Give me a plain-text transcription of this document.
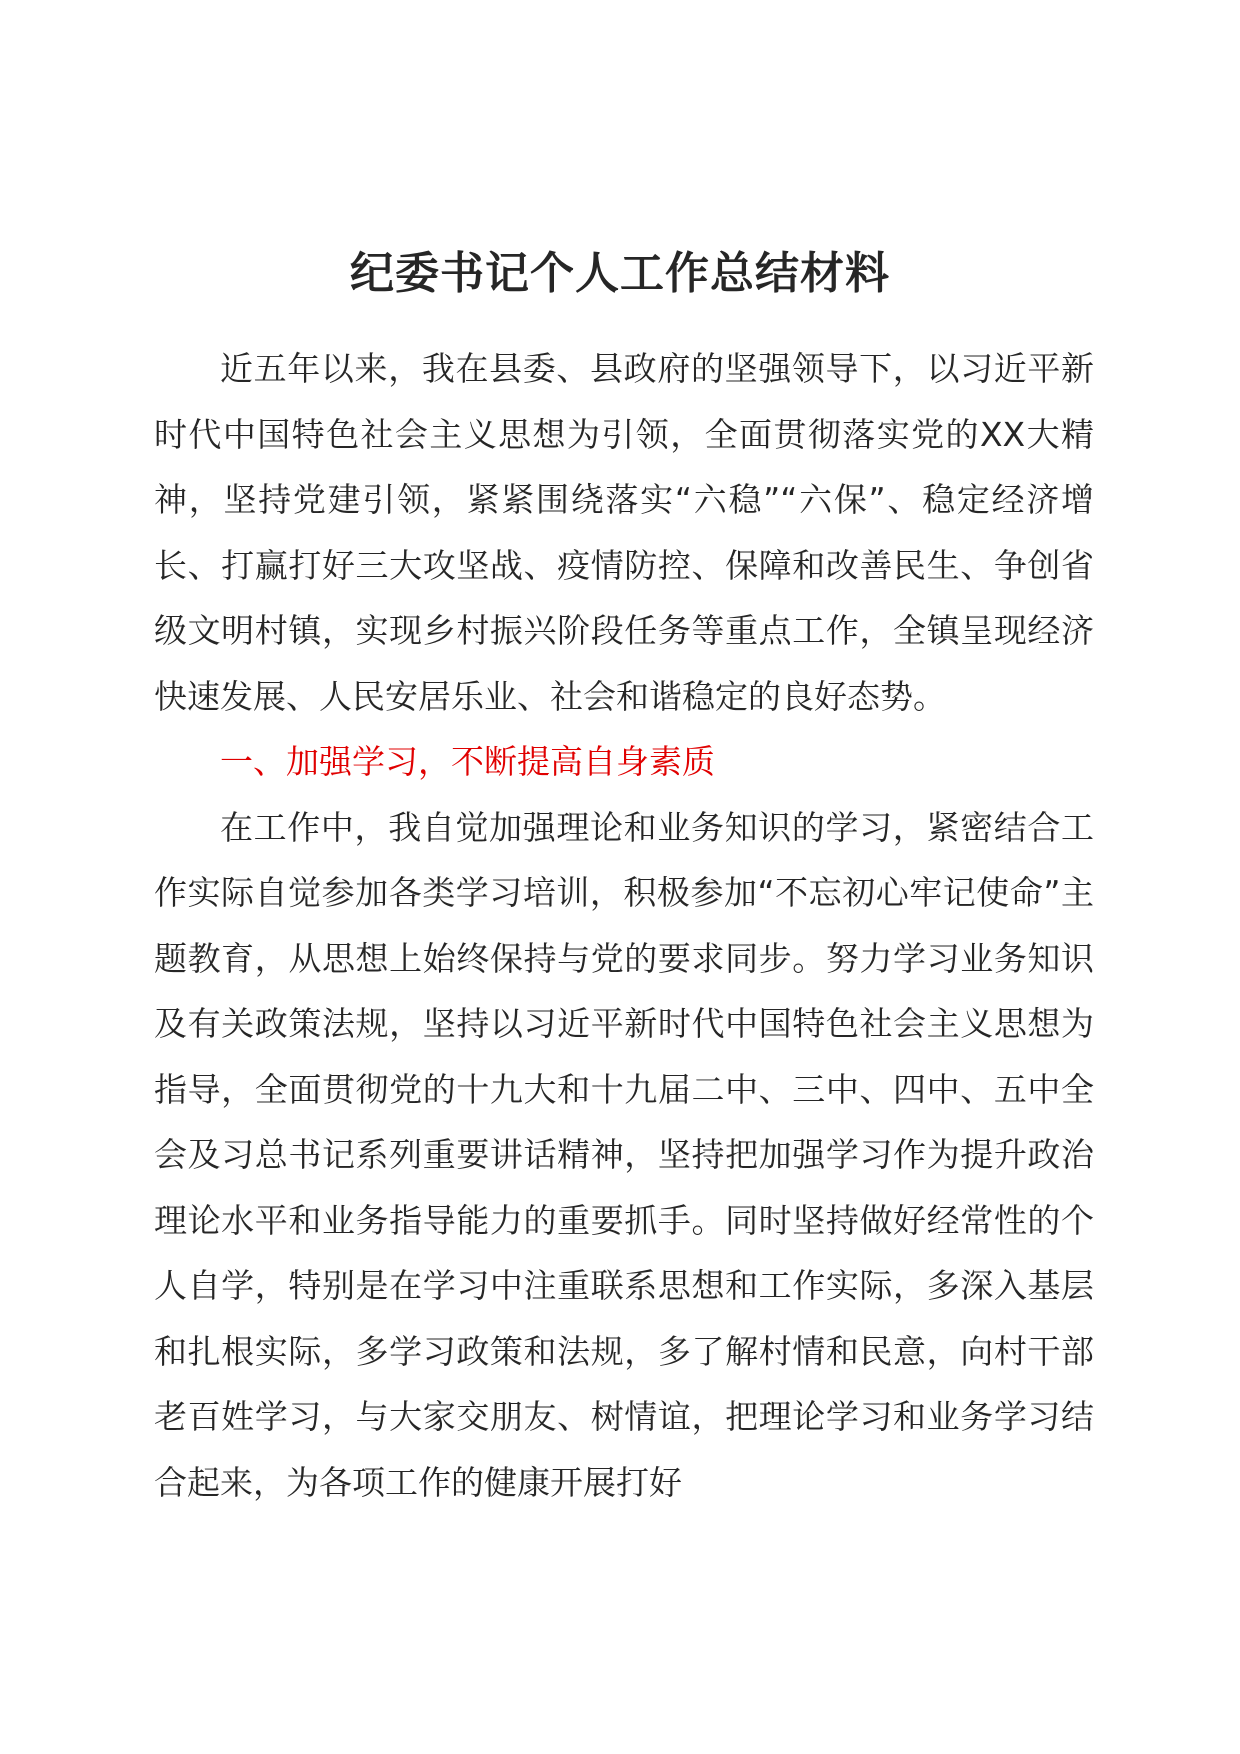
纪委书记个人工作总结材料

近五年以来，我在县委、县政府的坚强领导下，以习近平新时代中国特色社会主义思想为引领，全面贯彻落实党的XX大精神，坚持党建引领，紧紧围绕落实“六稳”“六保”、稳定经济增长、打赢打好三大攻坚战、疫情防控、保障和改善民生、争创省级文明村镇，实现乡村振兴阶段任务等重点工作，全镇呈现经济快速发展、人民安居乐业、社会和谐稳定的良好态势。

一、加强学习，不断提高自身素质

在工作中，我自觉加强理论和业务知识的学习，紧密结合工作实际自觉参加各类学习培训，积极参加“不忘初心牢记使命”主题教育，从思想上始终保持与党的要求同步。努力学习业务知识及有关政策法规，坚持以习近平新时代中国特色社会主义思想为指导，全面贯彻党的十九大和十九届二中、三中、四中、五中全会及习总书记系列重要讲话精神，坚持把加强学习作为提升政治理论水平和业务指导能力的重要抓手。同时坚持做好经常性的个人自学，特别是在学习中注重联系思想和工作实际，多深入基层和扎根实际，多学习政策和法规，多了解村情和民意，向村干部老百姓学习，与大家交朋友、树情谊，把理论学习和业务学习结合起来，为各项工作的健康开展打好
